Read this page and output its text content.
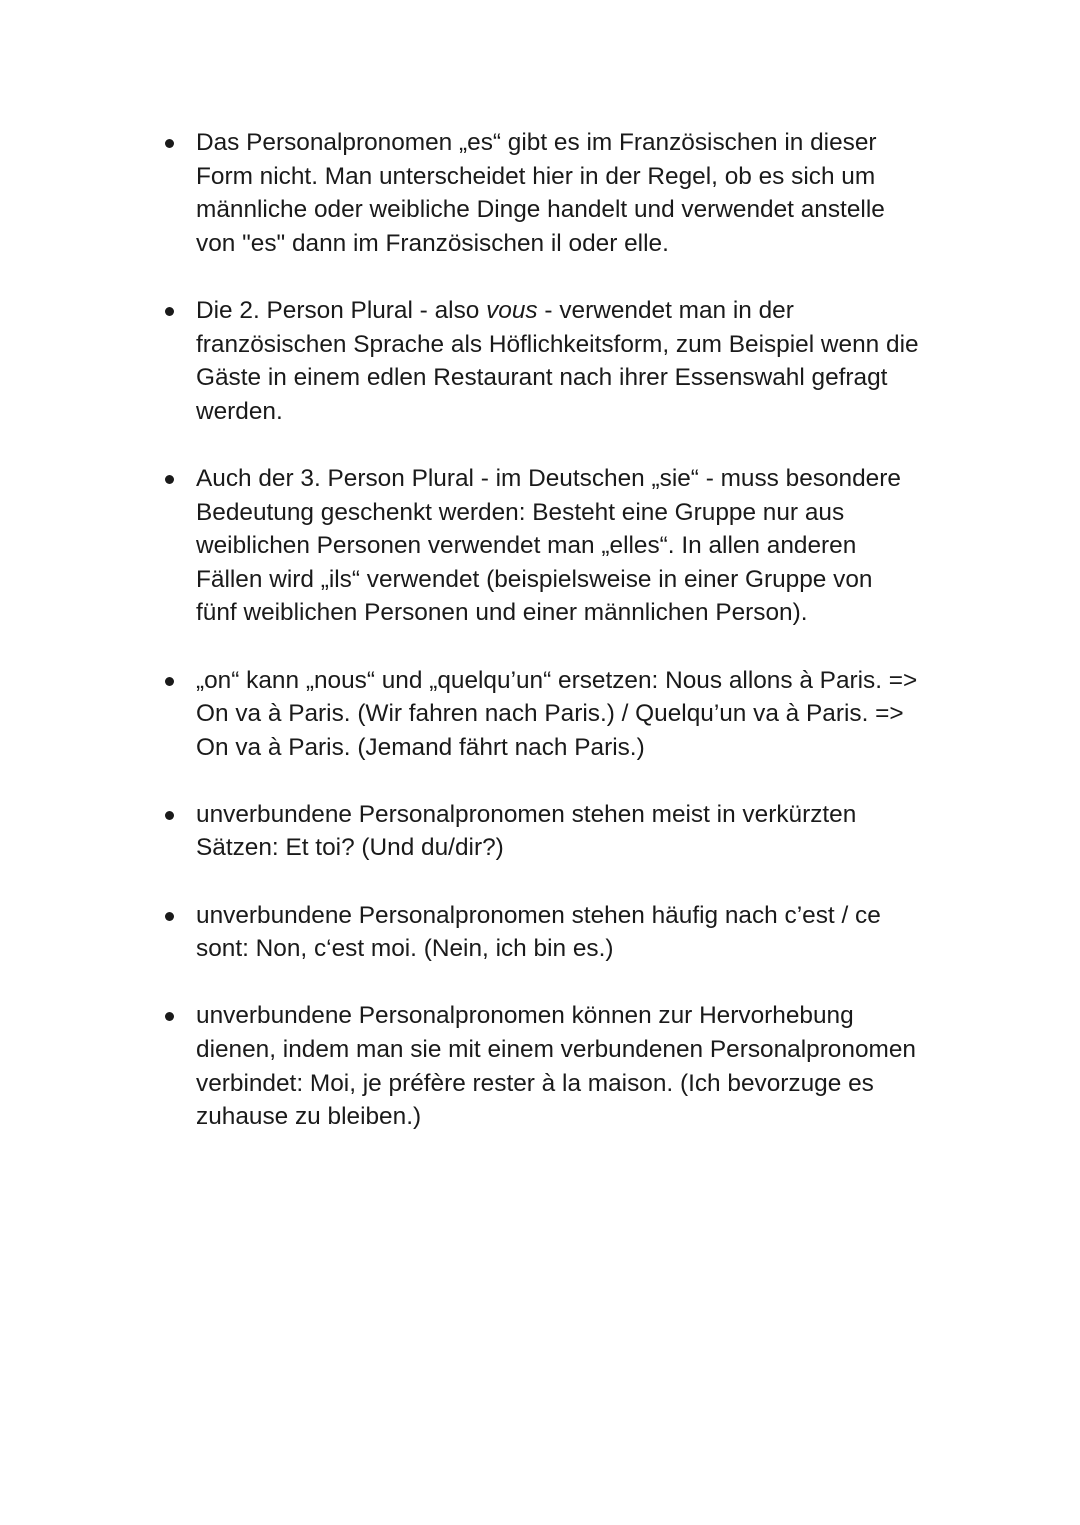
Das Personalpronomen „es“ gibt es im Französischen in dieser
Form nicht. Man unterscheidet hier in der Regel, ob es sich um
männliche oder weibliche Dinge handelt und verwendet anstelle
von "es" dann im Französischen il oder elle.
Die 2. Person Plural - also vous - verwendet man in der
französischen Sprache als Höflichkeitsform, zum Beispiel wenn die
Gäste in einem edlen Restaurant nach ihrer Essenswahl gefragt
werden.
Auch der 3. Person Plural - im Deutschen „sie“ - muss besondere
Bedeutung geschenkt werden: Besteht eine Gruppe nur aus
weiblichen Personen verwendet man „elles“. In allen anderen
Fällen wird „ils“ verwendet (beispielsweise in einer Gruppe von
fünf weiblichen Personen und einer männlichen Person).
„on“ kann „nous“ und „quelqu’un“ ersetzen: Nous allons à Paris. =>
On va à Paris. (Wir fahren nach Paris.) / Quelqu’un va à Paris. =>
On va à Paris. (Jemand fährt nach Paris.)
unverbundene Personalpronomen stehen meist in verkürzten
Sätzen: Et toi? (Und du/dir?)
unverbundene Personalpronomen stehen häufig nach c’est / ce
sont: Non, c‘est moi. (Nein, ich bin es.)
unverbundene Personalpronomen können zur Hervorhebung
dienen, indem man sie mit einem verbundenen Personalpronomen
verbindet: Moi, je préfère rester à la maison. (Ich bevorzuge es
zuhause zu bleiben.)
